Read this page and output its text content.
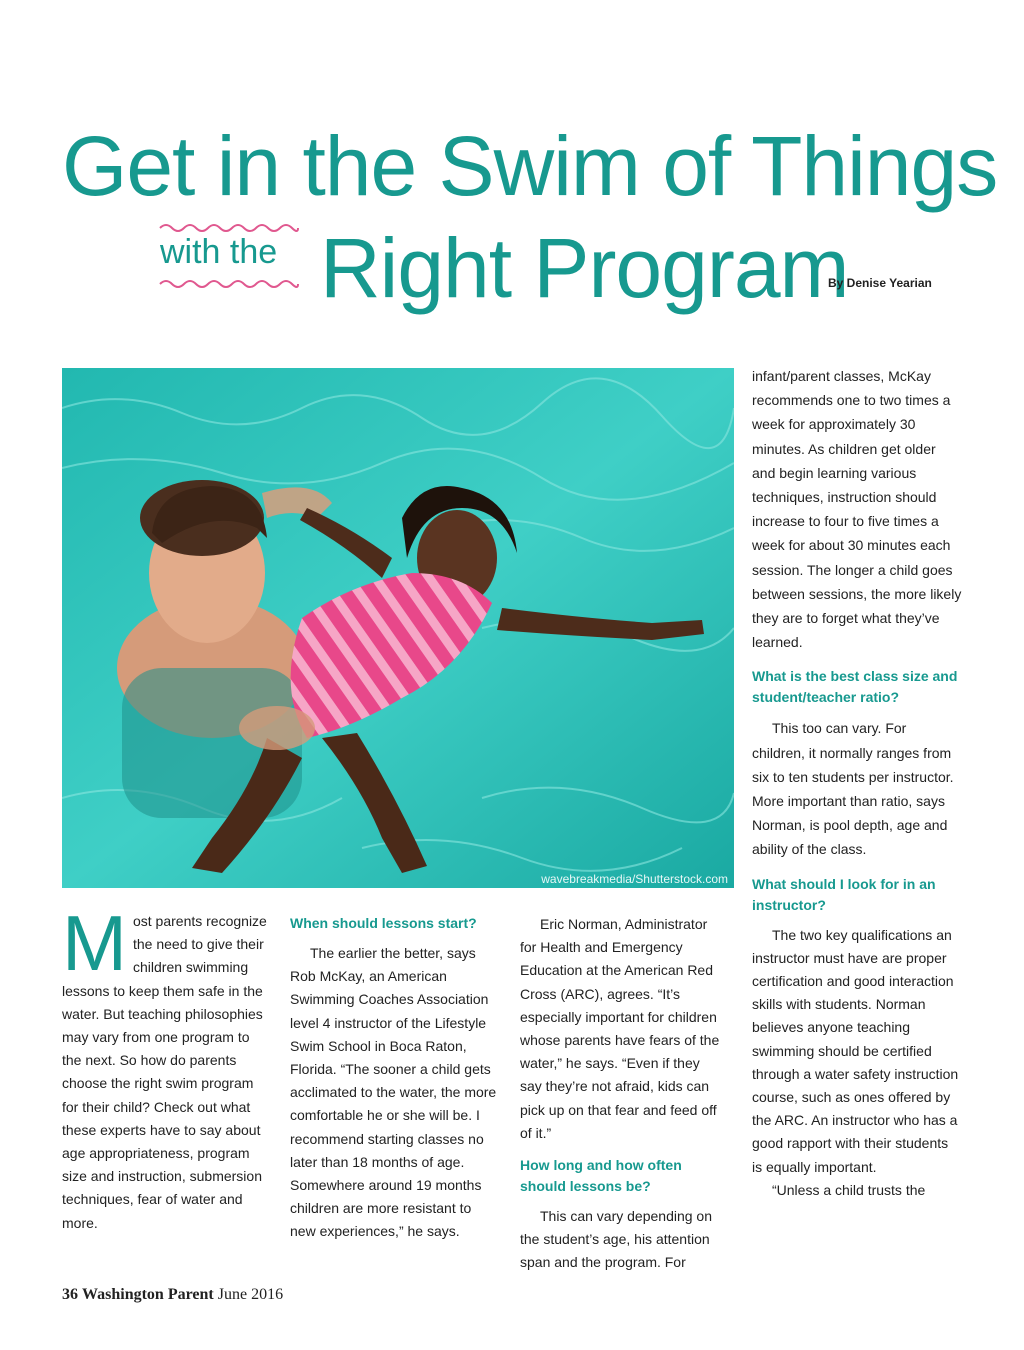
Get in the Swim of Things
with the Right Program
By Denise Yearian
wavebreakmedia/Shutterstock.com
M ost parents recognize the need to give their children swimming lessons to keep them safe in the water. But teaching philosophies may vary from one program to the next. So how do parents choose the right swim program for their child? Check out what these experts have to say about age appropriateness, program size and instruction, submersion techniques, fear of water and more.

When should lessons start?

The earlier the better, says Rob McKay, an American Swimming Coaches Association level 4 instructor of the Lifestyle Swim School in Boca Raton, Florida. “The sooner a child gets acclimated to the water, the more comfortable he or she will be. I recommend starting classes no later than 18 months of age. Somewhere around 19 months children are more resistant to new experiences,” he says.

Eric Norman, Administrator for Health and Emergency Education at the American Red Cross (ARC), agrees. “It’s especially important for children whose parents have fears of the water,” he says. “Even if they say they’re not afraid, kids can pick up on that fear and feed off of it.”

How long and how often should lessons be?

This can vary depending on the student’s age, his attention span and the program. For

infant/parent classes, McKay recommends one to two times a week for approximately 30 minutes. As children get older and begin learning various techniques, instruction should increase to four to five times a week for about 30 minutes each session. The longer a child goes between sessions, the more likely they are to forget what they’ve learned.

What is the best class size and student/teacher ratio?

This too can vary. For children, it normally ranges from six to ten students per instructor. More important than ratio, says Norman, is pool depth, age and ability of the class.

What should I look for in an instructor?

The two key qualifications an instructor must have are proper certification and good interaction skills with students. Norman believes anyone teaching swimming should be certified through a water safety instruction course, such as ones offered by the ARC. An instructor who has a good rapport with their students is equally important.

“Unless a child trusts the

36 Washington Parent June 2016
